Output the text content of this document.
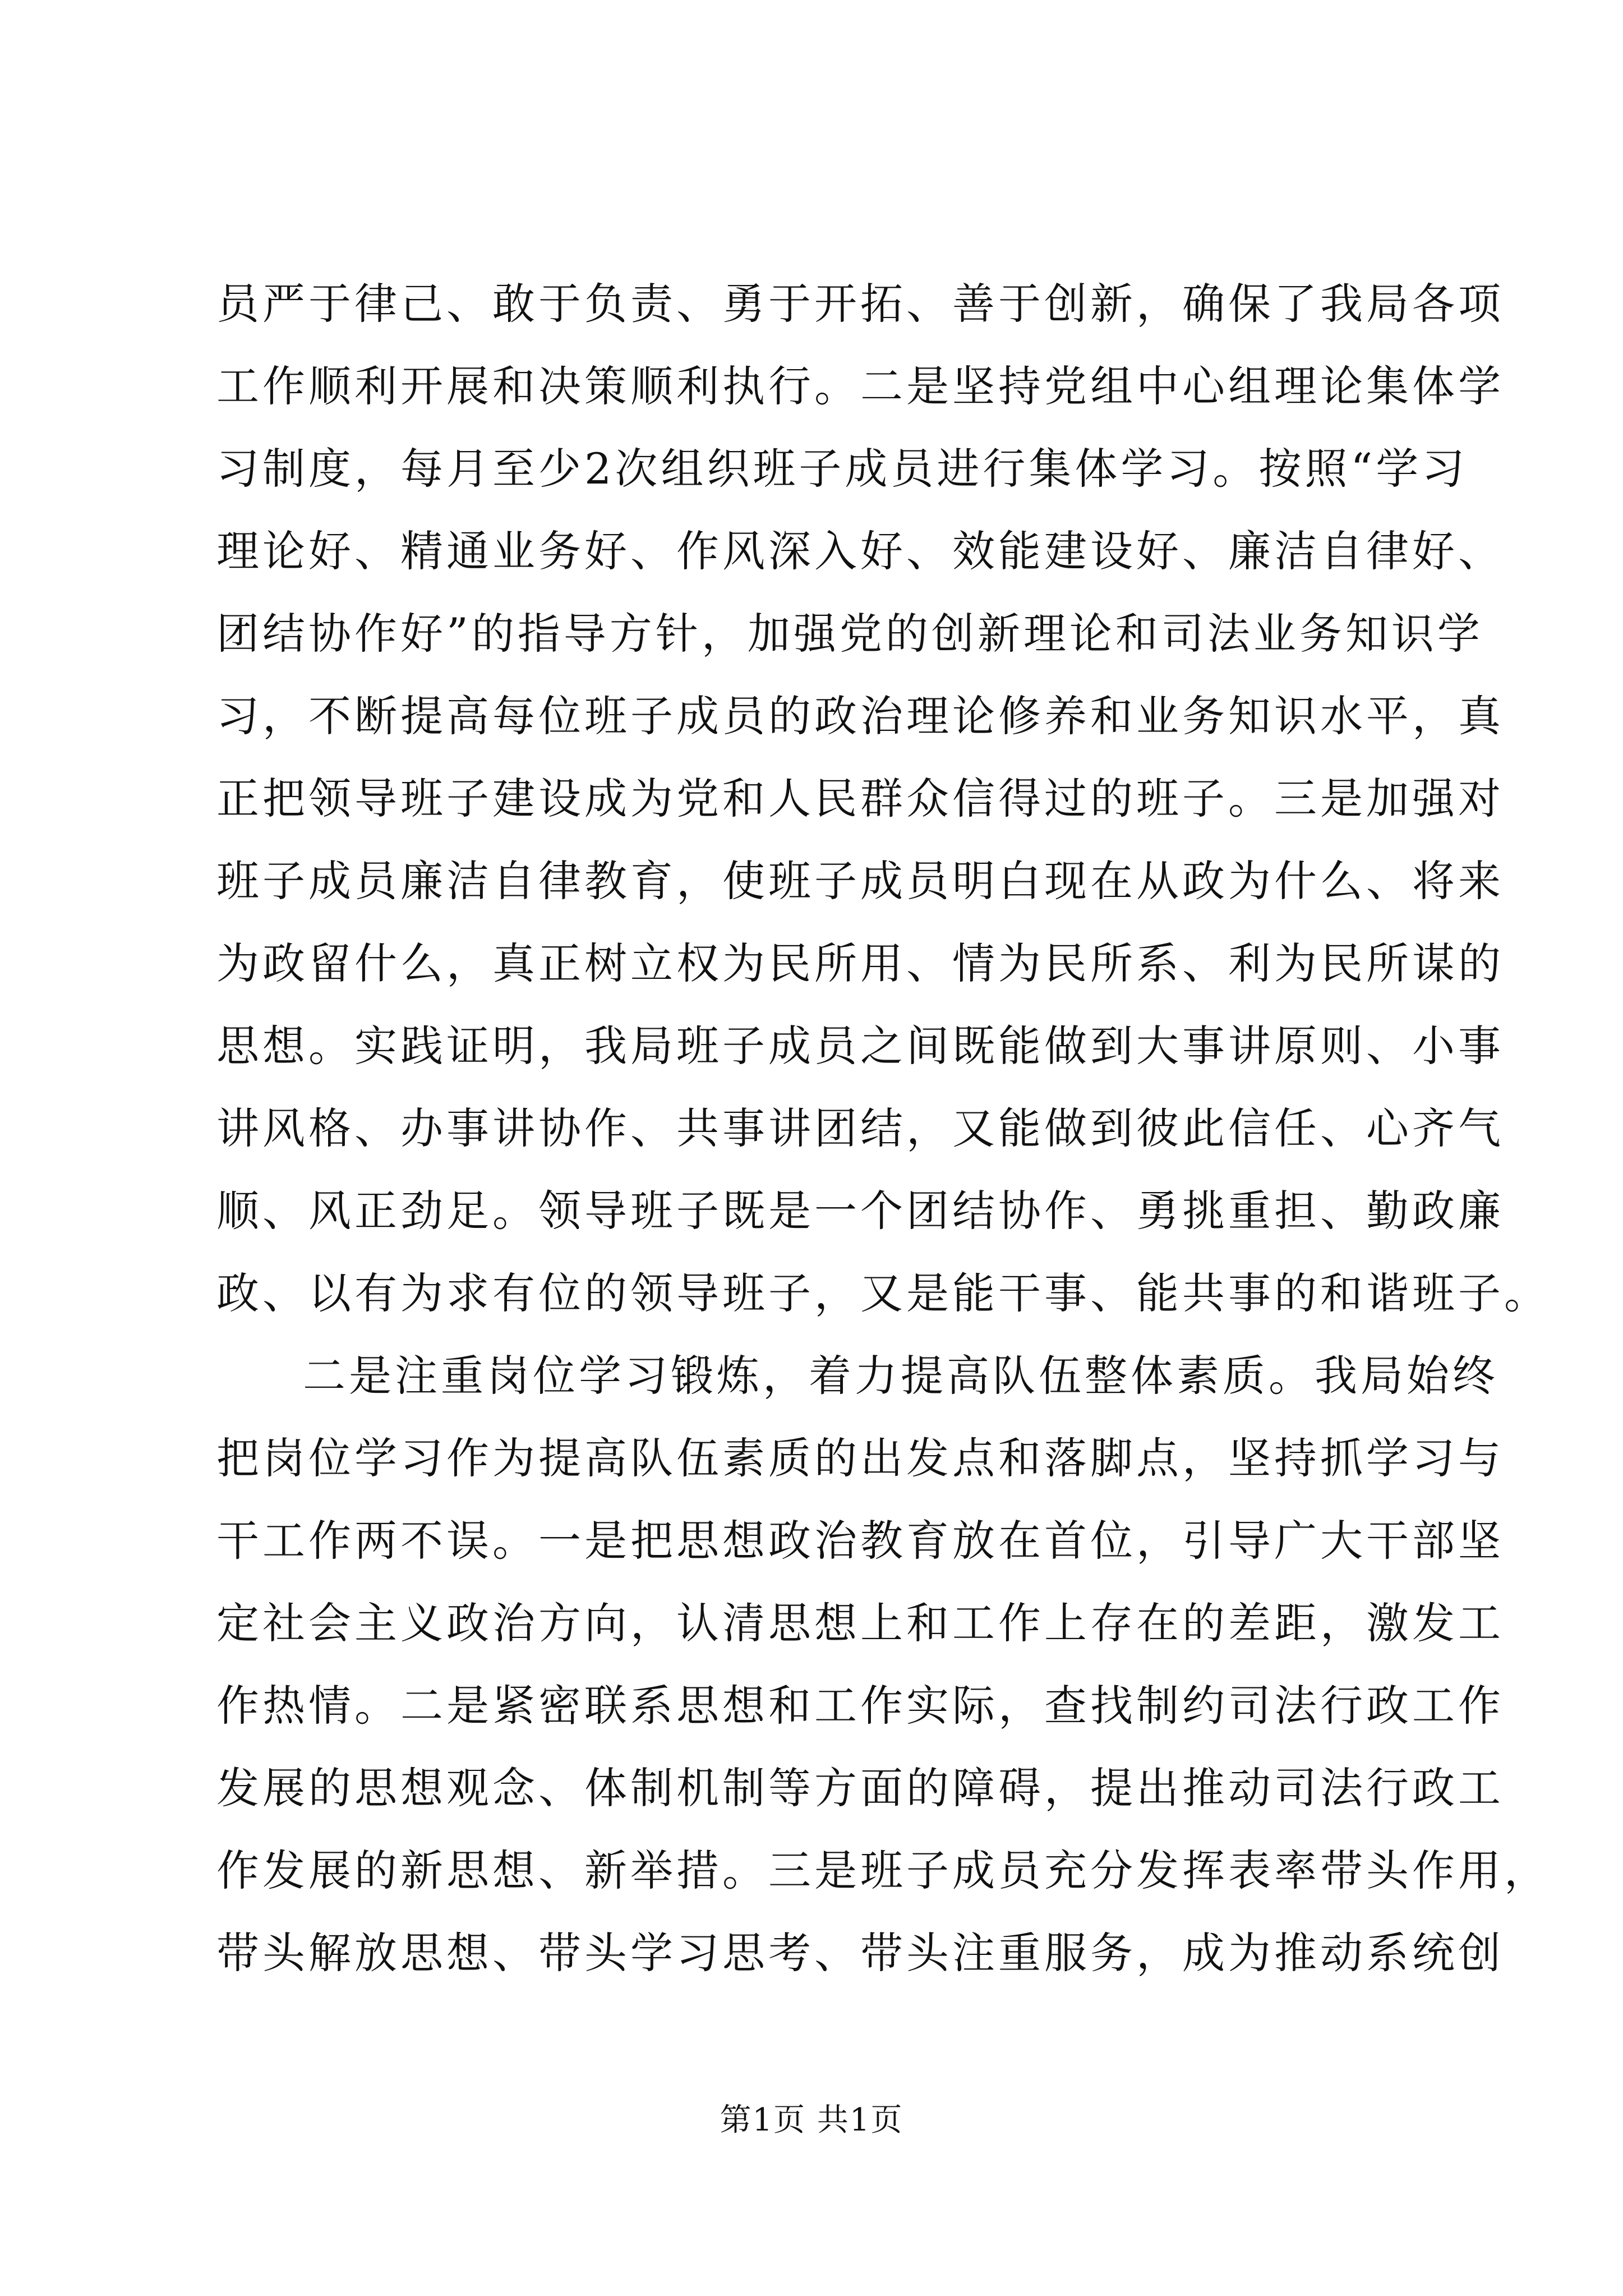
员严于律己、敢于负责、勇于开拓、善于创新，确保了我局各项
工作顺利开展和决策顺利执行。二是坚持党组中心组理论集体学
习制度，每月至少2次组织班子成员进行集体学习。按照“学习
理论好、精通业务好、作风深入好、效能建设好、廉洁自律好、
团结协作好”的指导方针，加强党的创新理论和司法业务知识学
习，不断提高每位班子成员的政治理论修养和业务知识水平，真
正把领导班子建设成为党和人民群众信得过的班子。三是加强对
班子成员廉洁自律教育，使班子成员明白现在从政为什么、将来
为政留什么，真正树立权为民所用、情为民所系、利为民所谋的
思想。实践证明，我局班子成员之间既能做到大事讲原则、小事
讲风格、办事讲协作、共事讲团结，又能做到彼此信任、心齐气
顺、风正劲足。领导班子既是一个团结协作、勇挑重担、勤政廉
政、以有为求有位的领导班子，又是能干事、能共事的和谐班子。
二是注重岗位学习锻炼，着力提高队伍整体素质。我局始终
把岗位学习作为提高队伍素质的出发点和落脚点，坚持抓学习与
干工作两不误。一是把思想政治教育放在首位，引导广大干部坚
定社会主义政治方向，认清思想上和工作上存在的差距，激发工
作热情。二是紧密联系思想和工作实际，查找制约司法行政工作
发展的思想观念、体制机制等方面的障碍，提出推动司法行政工
作发展的新思想、新举措。三是班子成员充分发挥表率带头作用，
带头解放思想、带头学习思考、带头注重服务，成为推动系统创
第1页 共1页
